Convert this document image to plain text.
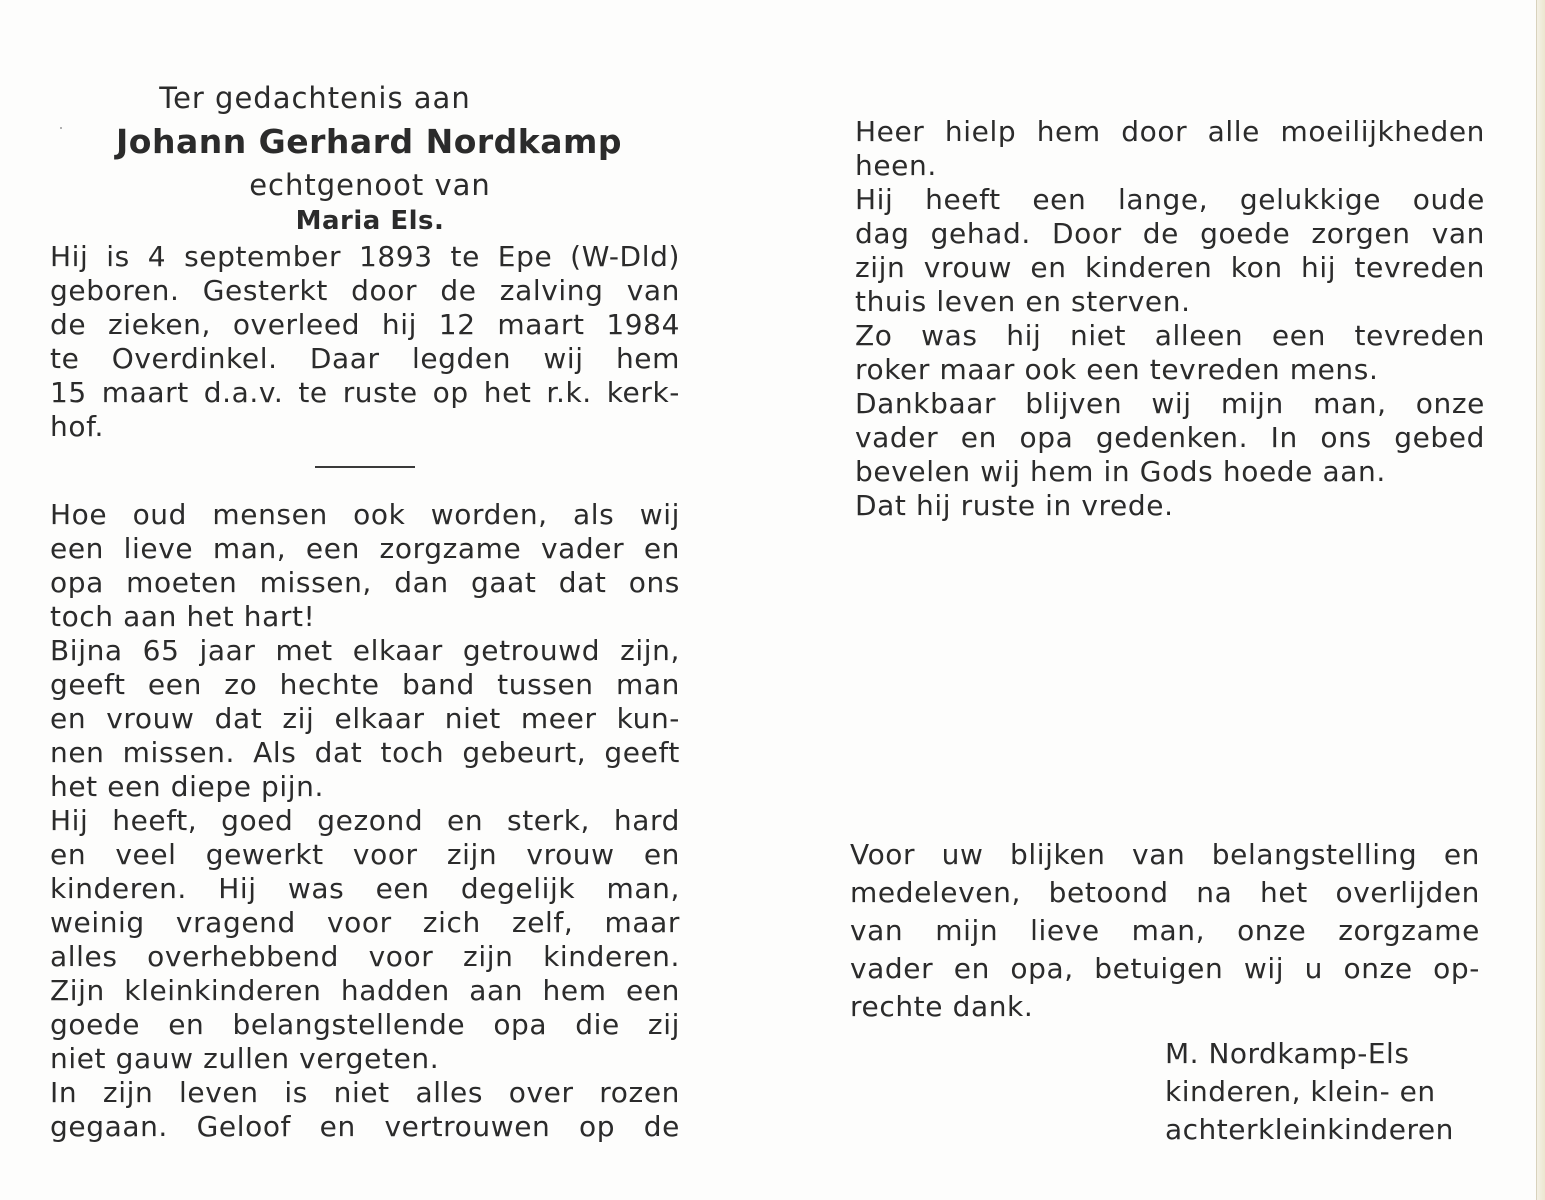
Ter gedachtenis aan
Johann Gerhard Nordkamp
echtgenoot van
Maria Els.
Hij is 4 september 1893 te Epe (W-Dld)
geboren. Gesterkt door de zalving van
de zieken, overleed hij 12 maart 1984
te Overdinkel. Daar legden wij hem
15 maart d.a.v. te ruste op het r.k. kerk-
hof.
Hoe oud mensen ook worden, als wij
een lieve man, een zorgzame vader en
opa moeten missen, dan gaat dat ons
toch aan het hart!
Bijna 65 jaar met elkaar getrouwd zijn,
geeft een zo hechte band tussen man
en vrouw dat zij elkaar niet meer kun-
nen missen. Als dat toch gebeurt, geeft
het een diepe pijn.
Hij heeft, goed gezond en sterk, hard
en veel gewerkt voor zijn vrouw en
kinderen. Hij was een degelijk man,
weinig vragend voor zich zelf, maar
alles overhebbend voor zijn kinderen.
Zijn kleinkinderen hadden aan hem een
goede en belangstellende opa die zij
niet gauw zullen vergeten.
In zijn leven is niet alles over rozen
gegaan. Geloof en vertrouwen op de
Heer hielp hem door alle moeilijkheden
heen.
Hij heeft een lange, gelukkige oude
dag gehad. Door de goede zorgen van
zijn vrouw en kinderen kon hij tevreden
thuis leven en sterven.
Zo was hij niet alleen een tevreden
roker maar ook een tevreden mens.
Dankbaar blijven wij mijn man, onze
vader en opa gedenken. In ons gebed
bevelen wij hem in Gods hoede aan.
Dat hij ruste in vrede.
Voor uw blijken van belangstelling en
medeleven, betoond na het overlijden
van mijn lieve man, onze zorgzame
vader en opa, betuigen wij u onze op-
rechte dank.
M. Nordkamp-Els
kinderen, klein- en
achterkleinkinderen
